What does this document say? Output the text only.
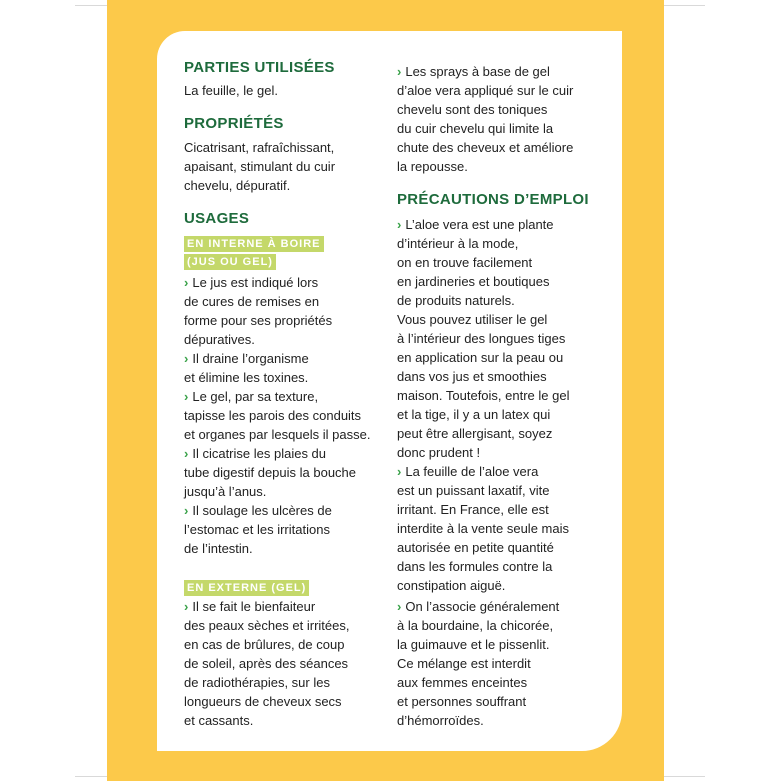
PARTIES UTILISÉES
La feuille, le gel.
PROPRIÉTÉS
Cicatrisant, rafraîchissant,
apaisant, stimulant du cuir
chevelu, dépuratif.
USAGES
EN INTERNE À BOIRE
(JUS OU GEL)
› Le jus est indiqué lors
de cures de remises en
forme pour ses propriétés
dépuratives.
› Il draine l’organisme
et élimine les toxines.
› Le gel, par sa texture,
tapisse les parois des conduits
et organes par lesquels il passe.
› Il cicatrise les plaies du
tube digestif depuis la bouche
jusqu’à l’anus.
› Il soulage les ulcères de
l’estomac et les irritations
de l’intestin.
EN EXTERNE (GEL)
› Il se fait le bienfaiteur
des peaux sèches et irritées,
en cas de brûlures, de coup
de soleil, après des séances
de radiothérapies, sur les
longueurs de cheveux secs
et cassants.
› Les sprays à base de gel
d’aloe vera appliqué sur le cuir
chevelu sont des toniques
du cuir chevelu qui limite la
chute des cheveux et améliore
la repousse.
PRÉCAUTIONS D’EMPLOI
› L’aloe vera est une plante
d’intérieur à la mode,
on en trouve facilement
en jardineries et boutiques
de produits naturels.
Vous pouvez utiliser le gel
à l’intérieur des longues tiges
en application sur la peau ou
dans vos jus et smoothies
maison. Toutefois, entre le gel
et la tige, il y a un latex qui
peut être allergisant, soyez
donc prudent !
› La feuille de l’aloe vera
est un puissant laxatif, vite
irritant. En France, elle est
interdite à la vente seule mais
autorisée en petite quantité
dans les formules contre la
constipation aiguë.
› On l’associe généralement
à la bourdaine, la chicorée,
la guimauve et le pissenlit.
Ce mélange est interdit
aux femmes enceintes
et personnes souffrant
d’hémorroïdes.
